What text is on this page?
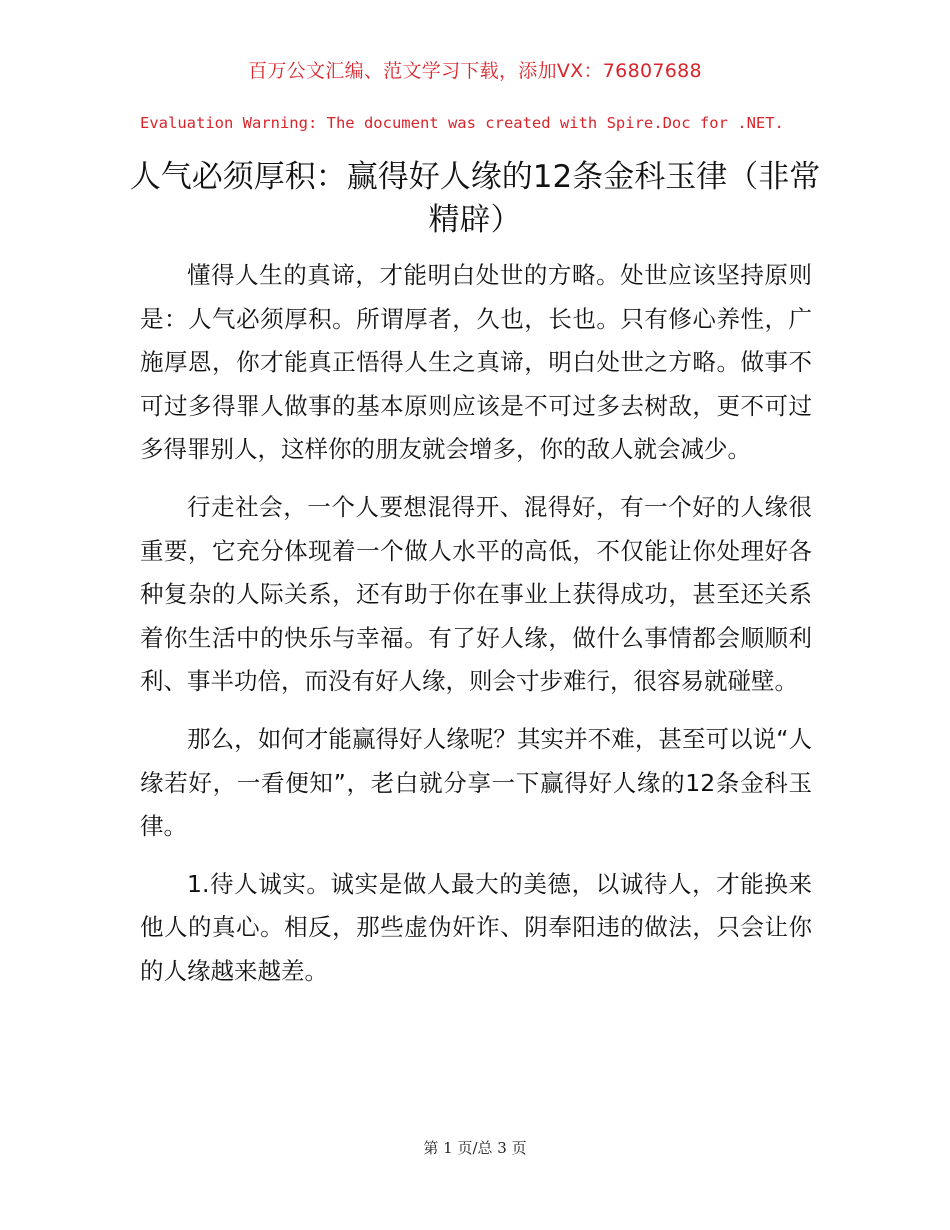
百万公文汇编、范文学习下载，添加VX：76807688
Evaluation Warning: The document was created with Spire.Doc for .NET.
人气必须厚积：赢得好人缘的12条金科玉律（非常精辟）

懂得人生的真谛，才能明白处世的方略。处世应该坚持原则是：人气必须厚积。所谓厚者，久也，长也。只有修心养性，广施厚恩，你才能真正悟得人生之真谛，明白处世之方略。做事不可过多得罪人做事的基本原则应该是不可过多去树敌，更不可过多得罪别人，这样你的朋友就会增多，你的敌人就会减少。

行走社会，一个人要想混得开、混得好，有一个好的人缘很重要，它充分体现着一个做人水平的高低，不仅能让你处理好各种复杂的人际关系，还有助于你在事业上获得成功，甚至还关系着你生活中的快乐与幸福。有了好人缘，做什么事情都会顺顺利利、事半功倍，而没有好人缘，则会寸步难行，很容易就碰壁。

那么，如何才能赢得好人缘呢？其实并不难，甚至可以说“人缘若好，一看便知”，老白就分享一下赢得好人缘的12条金科玉律。

1.待人诚实。诚实是做人最大的美德，以诚待人，才能换来他人的真心。相反，那些虚伪奸诈、阴奉阳违的做法，只会让你的人缘越来越差。

第 1 页/总 3 页
